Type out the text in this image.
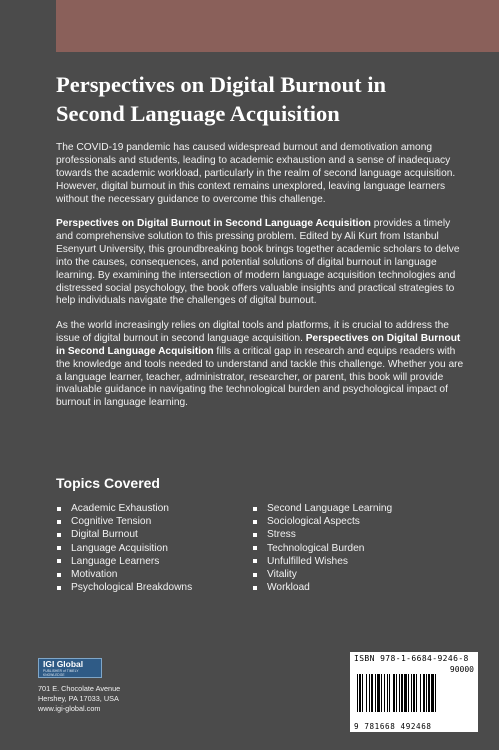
Perspectives on Digital Burnout in Second Language Acquisition

The COVID-19 pandemic has caused widespread burnout and demotivation among professionals and students, leading to academic exhaustion and a sense of inadequacy towards the academic workload, particularly in the realm of second language acquisition. However, digital burnout in this context remains unexplored, leaving language learners without the necessary guidance to overcome this challenge.

Perspectives on Digital Burnout in Second Language Acquisition provides a timely and comprehensive solution to this pressing problem. Edited by Ali Kurt from Istanbul Esenyurt University, this groundbreaking book brings together academic scholars to delve into the causes, consequences, and potential solutions of digital burnout in language learning. By examining the intersection of modern language acquisition technologies and distressed social psychology, the book offers valuable insights and practical strategies to help individuals navigate the challenges of digital burnout.

As the world increasingly relies on digital tools and platforms, it is crucial to address the issue of digital burnout in second language acquisition. Perspectives on Digital Burnout in Second Language Acquisition fills a critical gap in research and equips readers with the knowledge and tools needed to understand and tackle this challenge. Whether you are a language learner, teacher, administrator, researcher, or parent, this book will provide invaluable guidance in navigating the technological burden and psychological impact of burnout in language learning.

Topics Covered
Academic Exhaustion
Cognitive Tension
Digital Burnout
Language Acquisition
Language Learners
Motivation
Psychological Breakdowns
Second Language Learning
Sociological Aspects
Stress
Technological Burden
Unfulfilled Wishes
Vitality
Workload
IGI Global
PUBLISHER of TIMELY KNOWLEDGE
701 E. Chocolate Avenue
Hershey, PA 17033, USA
www.igi-global.com
ISBN 978-1-6684-9246-8
90000
9 781668 492468
